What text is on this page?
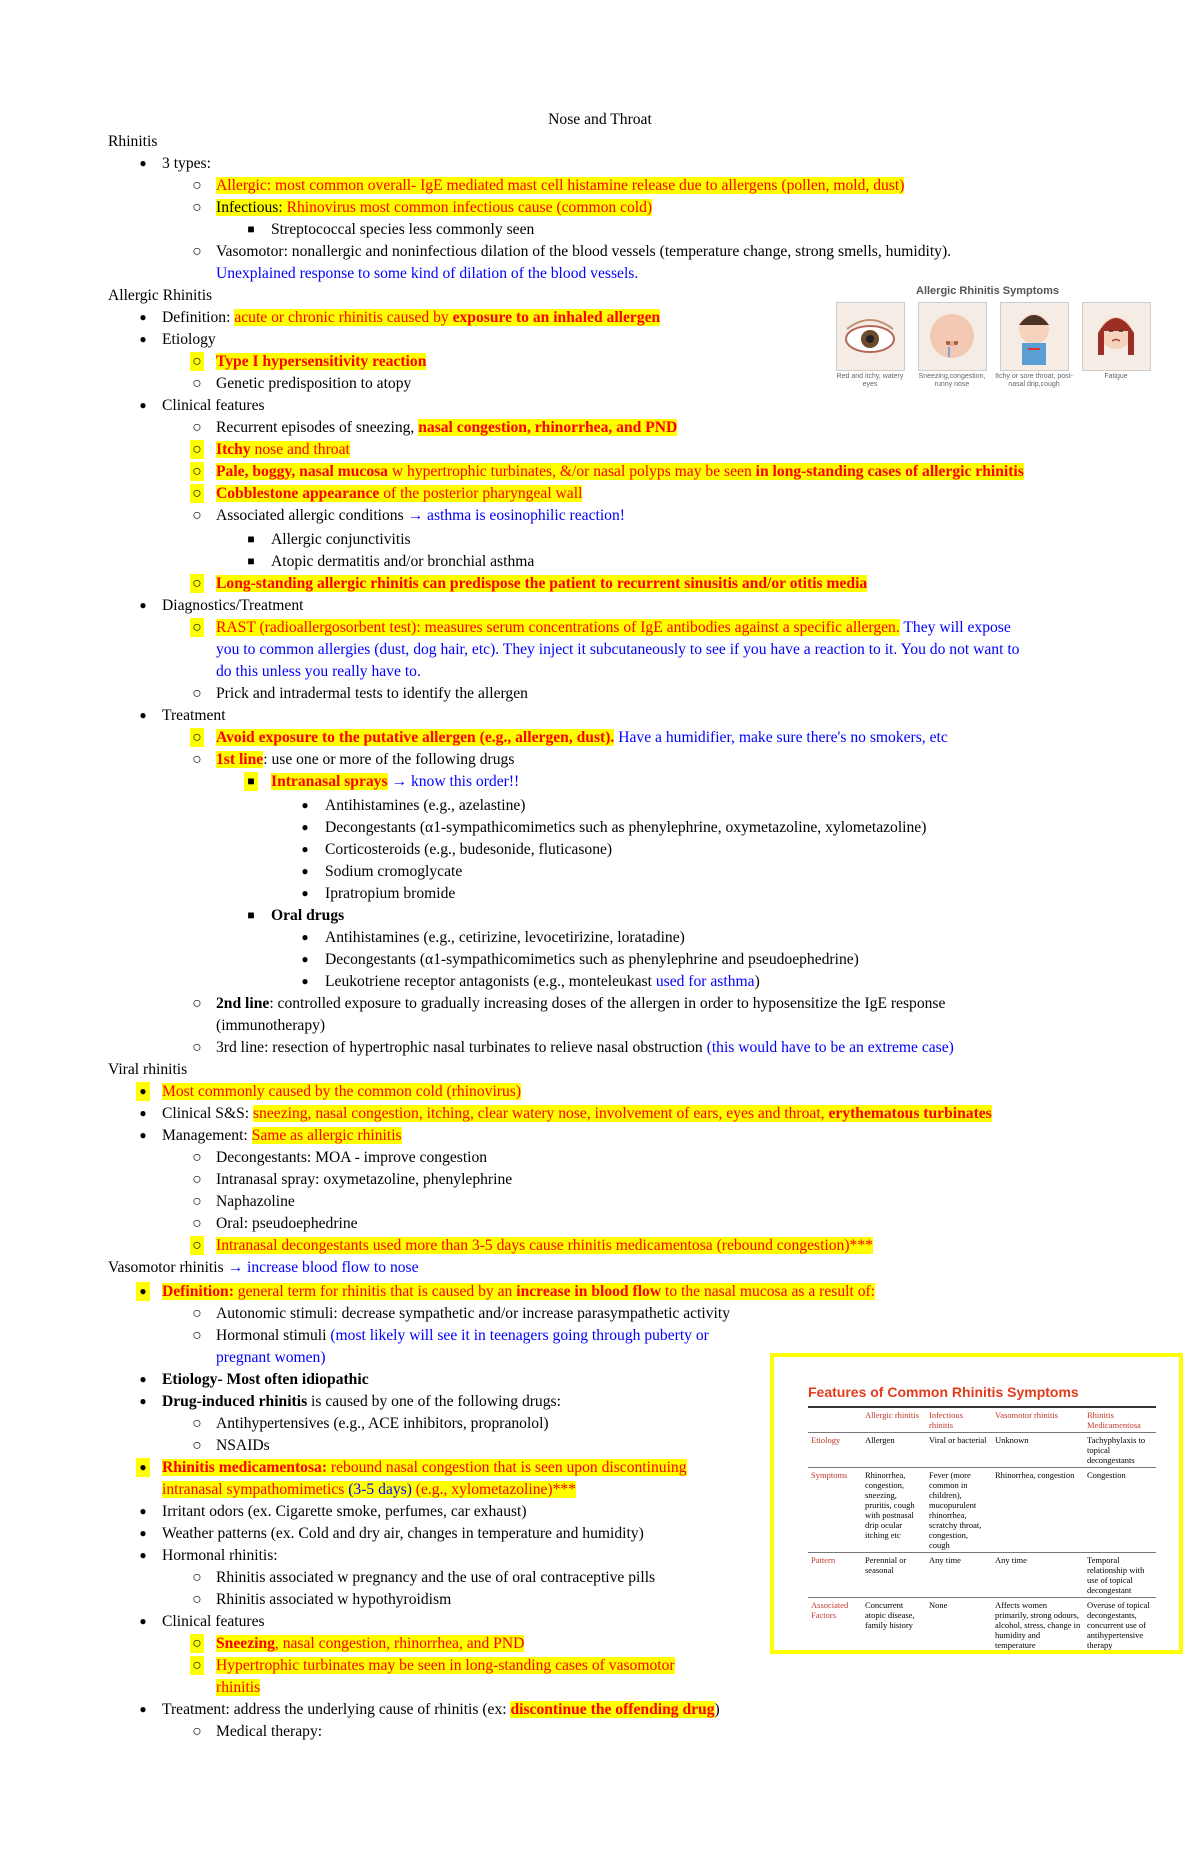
Nose and Throat
Rhinitis
● 3 types:
○ Allergic: most common overall- IgE mediated mast cell histamine release due to allergens (pollen, mold, dust)
○ Infectious: Rhinovirus most common infectious cause (common cold)
■ Streptococcal species less commonly seen
○ Vasomotor: nonallergic and noninfectious dilation of the blood vessels (temperature change, strong smells, humidity).
Unexplained response to some kind of dilation of the blood vessels.
Allergic Rhinitis
● Definition: acute or chronic rhinitis caused by exposure to an inhaled allergen
● Etiology
○ Type I hypersensitivity reaction
○ Genetic predisposition to atopy
● Clinical features
○ Recurrent episodes of sneezing, nasal congestion, rhinorrhea, and PND
○ Itchy nose and throat
○ Pale, boggy, nasal mucosa w hypertrophic turbinates, &/or nasal polyps may be seen in long-standing cases of allergic rhinitis
○ Cobblestone appearance of the posterior pharyngeal wall
○ Associated allergic conditions → asthma is eosinophilic reaction!
■ Allergic conjunctivitis
■ Atopic dermatitis and/or bronchial asthma
○ Long-standing allergic rhinitis can predispose the patient to recurrent sinusitis and/or otitis media
● Diagnostics/Treatment
○ RAST (radioallergosorbent test): measures serum concentrations of IgE antibodies against a specific allergen. They will expose
you to common allergies (dust, dog hair, etc). They inject it subcutaneously to see if you have a reaction to it. You do not want to
do this unless you really have to.
○ Prick and intradermal tests to identify the allergen
● Treatment
○ Avoid exposure to the putative allergen (e.g., allergen, dust). Have a humidifier, make sure there's no smokers, etc
○ 1st line: use one or more of the following drugs
■ Intranasal sprays → know this order!!
● Antihistamines (e.g., azelastine)
● Decongestants (α1-sympathicomimetics such as phenylephrine, oxymetazoline, xylometazoline)
● Corticosteroids (e.g., budesonide, fluticasone)
● Sodium cromoglycate
● Ipratropium bromide
■ Oral drugs
● Antihistamines (e.g., cetirizine, levocetirizine, loratadine)
● Decongestants (α1-sympathicomimetics such as phenylephrine and pseudoephedrine)
● Leukotriene receptor antagonists (e.g., monteleukast used for asthma)
○ 2nd line: controlled exposure to gradually increasing doses of the allergen in order to hyposensitize the IgE response
(immunotherapy)
○ 3rd line: resection of hypertrophic nasal turbinates to relieve nasal obstruction (this would have to be an extreme case)
Viral rhinitis
● Most commonly caused by the common cold (rhinovirus)
● Clinical S&S: sneezing, nasal congestion, itching, clear watery nose, involvement of ears, eyes and throat, erythematous turbinates
● Management: Same as allergic rhinitis
○ Decongestants: MOA - improve congestion
○ Intranasal spray: oxymetazoline, phenylephrine
○ Naphazoline
○ Oral: pseudoephedrine
○ Intranasal decongestants used more than 3-5 days cause rhinitis medicamentosa (rebound congestion)***
Vasomotor rhinitis → increase blood flow to nose
● Definition: general term for rhinitis that is caused by an increase in blood flow to the nasal mucosa as a result of:
○ Autonomic stimuli: decrease sympathetic and/or increase parasympathetic activity
○ Hormonal stimuli (most likely will see it in teenagers going through puberty or
pregnant women)
● Etiology- Most often idiopathic
● Drug-induced rhinitis is caused by one of the following drugs:
○ Antihypertensives (e.g., ACE inhibitors, propranolol)
○ NSAIDs
● Rhinitis medicamentosa: rebound nasal congestion that is seen upon discontinuing
intranasal sympathomimetics (3-5 days) (e.g., xylometazoline)***
● Irritant odors (ex. Cigarette smoke, perfumes, car exhaust)
● Weather patterns (ex. Cold and dry air, changes in temperature and humidity)
● Hormonal rhinitis:
○ Rhinitis associated w pregnancy and the use of oral contraceptive pills
○ Rhinitis associated w hypothyroidism
● Clinical features
○ Sneezing, nasal congestion, rhinorrhea, and PND
○ Hypertrophic turbinates may be seen in long-standing cases of vasomotor
rhinitis
● Treatment: address the underlying cause of rhinitis (ex: discontinue the offending drug)
○ Medical therapy:
Allergic Rhinitis Symptoms
Red and itchy, watery eyes
Sneezing,congestion, runny nose
Itchy or sore throat, post-nasal drip,cough
Fatigue
Features of Common Rhinitis Symptoms
	Allergic rhinitis	Infectious rhinitis	Vasomotor rhinitis	Rhinitis Medicamentosa
Etiology	Allergen	Viral or bacterial	Unknown	Tachyphylaxis to topical decongestants
Symptoms	Rhinorrhea, congestion, sneezing, pruritis, cough with postnasal drip ocular itching etc	Fever (more common in children), mucopurulent rhinorrhea, scratchy throat, congestion, cough	Rhinorrhea, congestion	Congestion
Pattern	Perennial or seasonal	Any time	Any time	Temporal relationship with use of topical decongestant
Associated Factors	Concurrent atopic disease, family history	None	Affects women primarily, strong odours, alcohol, stress, change in humidity and temperature	Overuse of topical decongestants, concurrent use of antihypertensive therapy
